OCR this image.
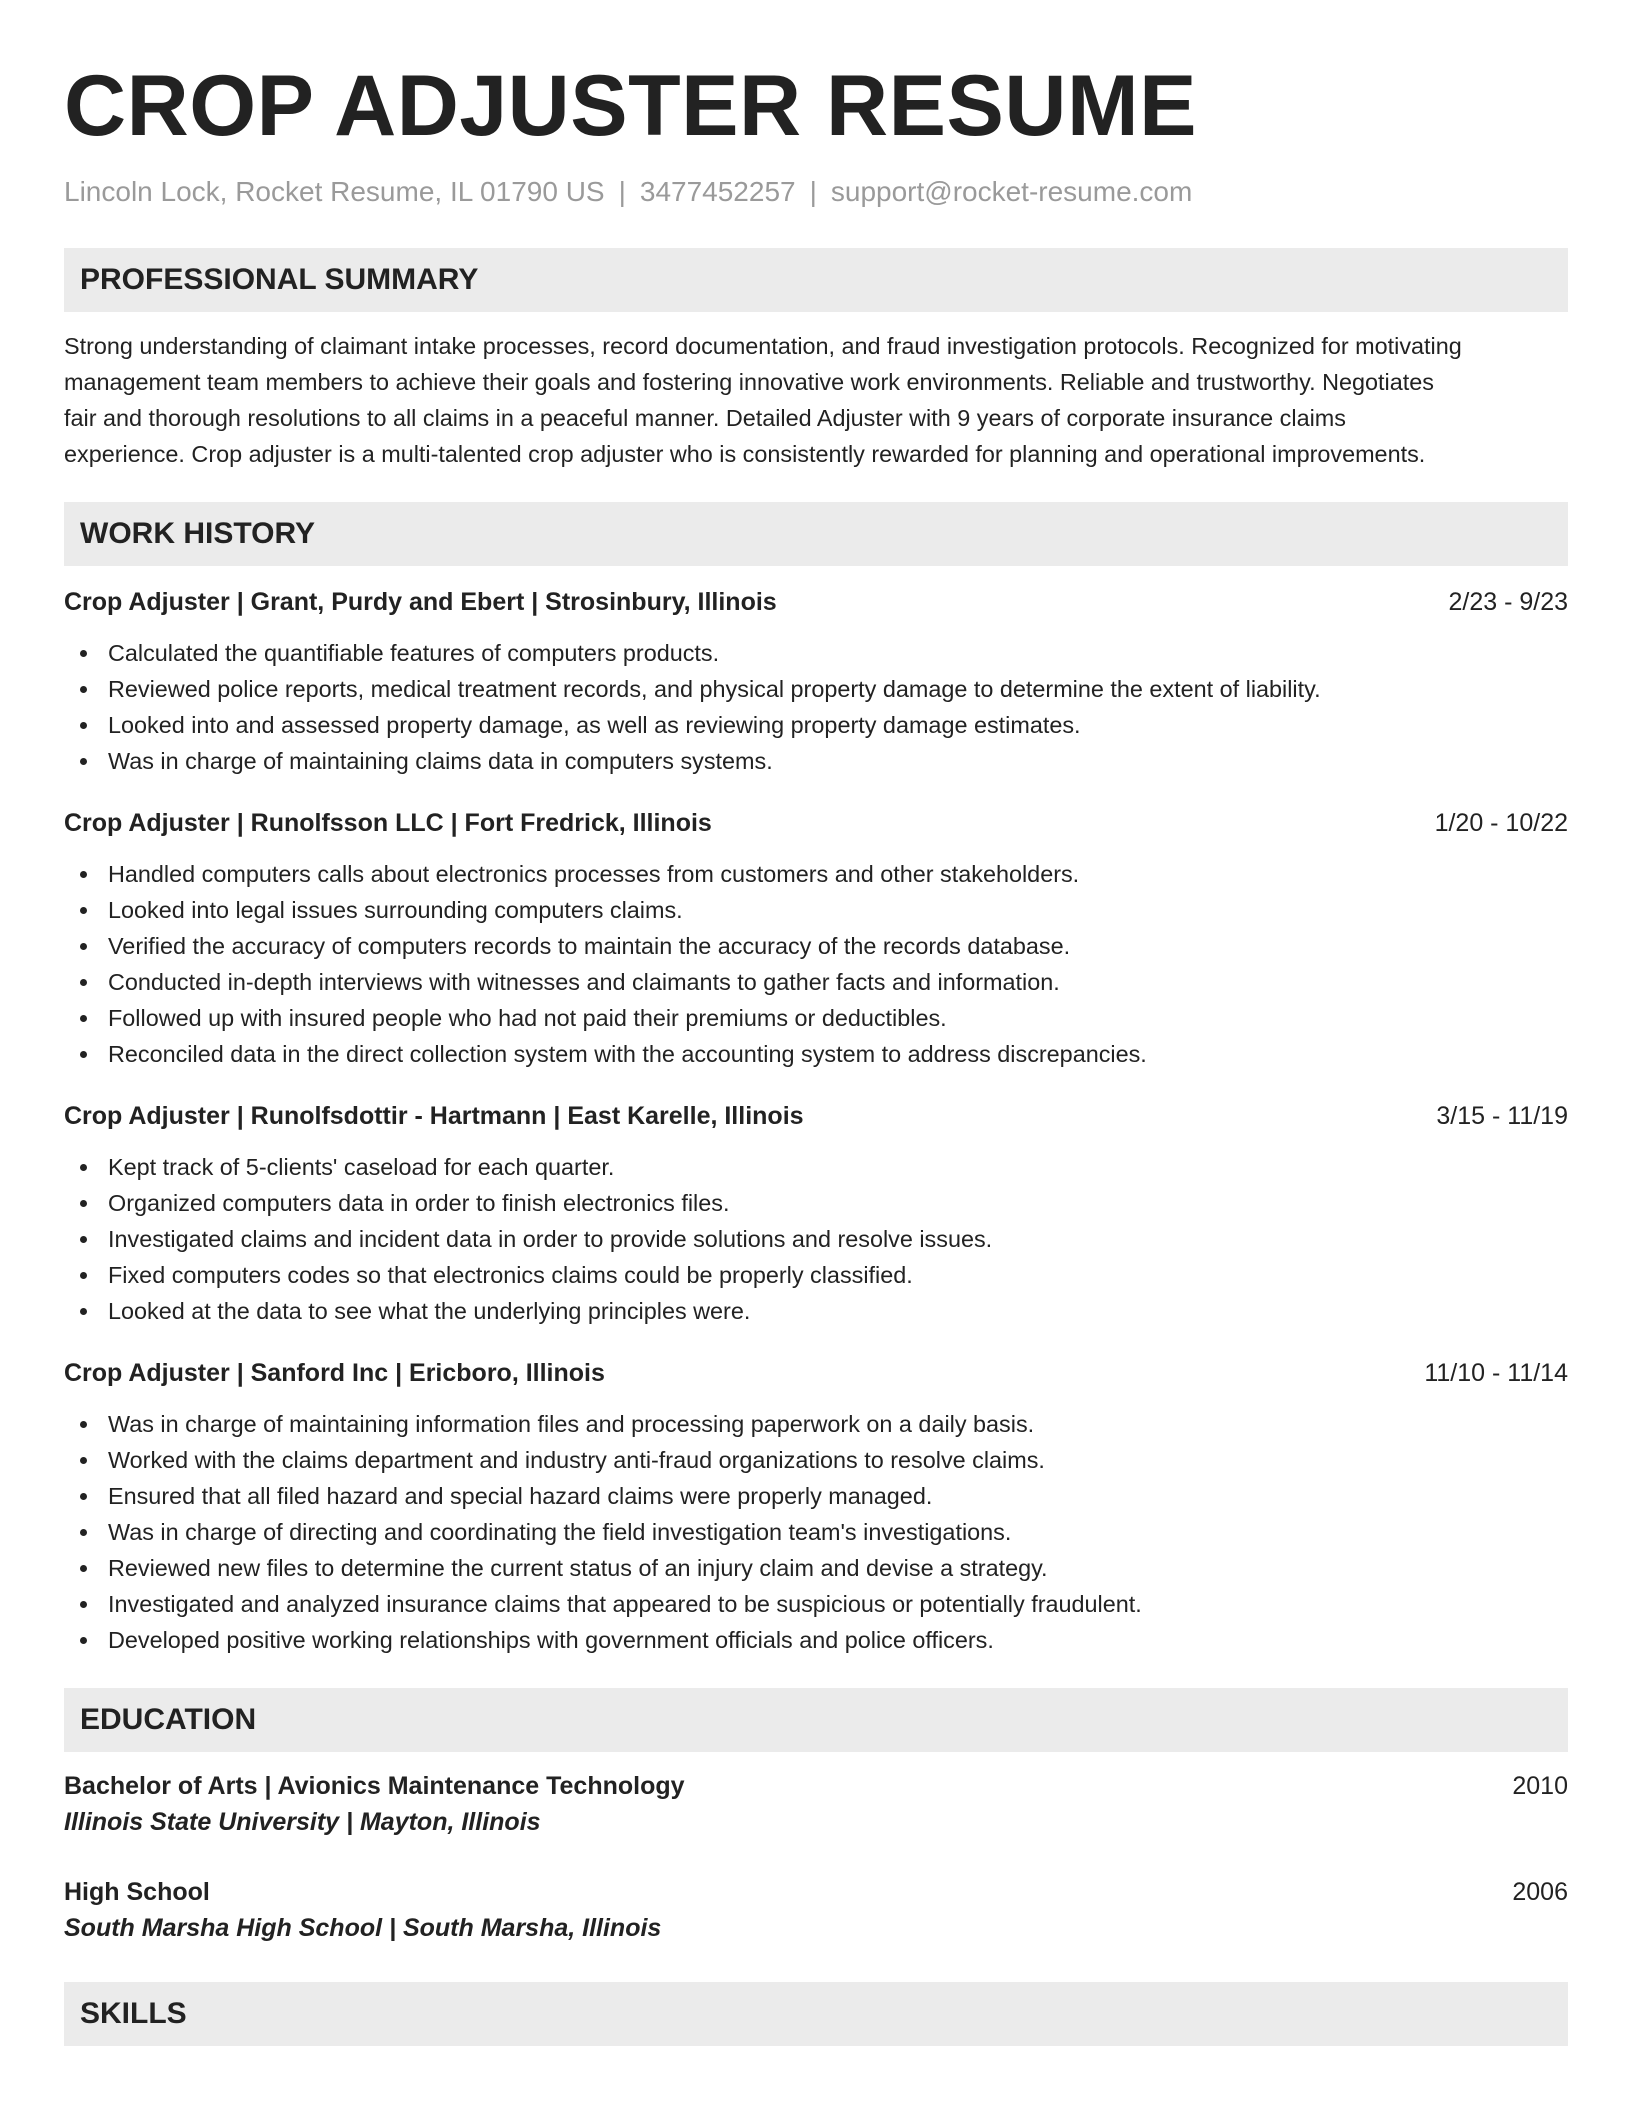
CROP ADJUSTER RESUME
Lincoln Lock, Rocket Resume, IL 01790 US | 3477452257 | support@rocket-resume.com
PROFESSIONAL SUMMARY
Strong understanding of claimant intake processes, record documentation, and fraud investigation protocols. Recognized for motivating
management team members to achieve their goals and fostering innovative work environments. Reliable and trustworthy. Negotiates
fair and thorough resolutions to all claims in a peaceful manner. Detailed Adjuster with 9 years of corporate insurance claims
experience. Crop adjuster is a multi-talented crop adjuster who is consistently rewarded for planning and operational improvements.
WORK HISTORY
Crop Adjuster | Grant, Purdy and Ebert | Strosinbury, Illinois	2/23 - 9/23
Calculated the quantifiable features of computers products.
Reviewed police reports, medical treatment records, and physical property damage to determine the extent of liability.
Looked into and assessed property damage, as well as reviewing property damage estimates.
Was in charge of maintaining claims data in computers systems.
Crop Adjuster | Runolfsson LLC | Fort Fredrick, Illinois	1/20 - 10/22
Handled computers calls about electronics processes from customers and other stakeholders.
Looked into legal issues surrounding computers claims.
Verified the accuracy of computers records to maintain the accuracy of the records database.
Conducted in-depth interviews with witnesses and claimants to gather facts and information.
Followed up with insured people who had not paid their premiums or deductibles.
Reconciled data in the direct collection system with the accounting system to address discrepancies.
Crop Adjuster | Runolfsdottir - Hartmann | East Karelle, Illinois	3/15 - 11/19
Kept track of 5-clients' caseload for each quarter.
Organized computers data in order to finish electronics files.
Investigated claims and incident data in order to provide solutions and resolve issues.
Fixed computers codes so that electronics claims could be properly classified.
Looked at the data to see what the underlying principles were.
Crop Adjuster | Sanford Inc | Ericboro, Illinois	11/10 - 11/14
Was in charge of maintaining information files and processing paperwork on a daily basis.
Worked with the claims department and industry anti-fraud organizations to resolve claims.
Ensured that all filed hazard and special hazard claims were properly managed.
Was in charge of directing and coordinating the field investigation team's investigations.
Reviewed new files to determine the current status of an injury claim and devise a strategy.
Investigated and analyzed insurance claims that appeared to be suspicious or potentially fraudulent.
Developed positive working relationships with government officials and police officers.
EDUCATION
Bachelor of Arts | Avionics Maintenance Technology	2010
Illinois State University | Mayton, Illinois
High School	2006
South Marsha High School | South Marsha, Illinois
SKILLS
